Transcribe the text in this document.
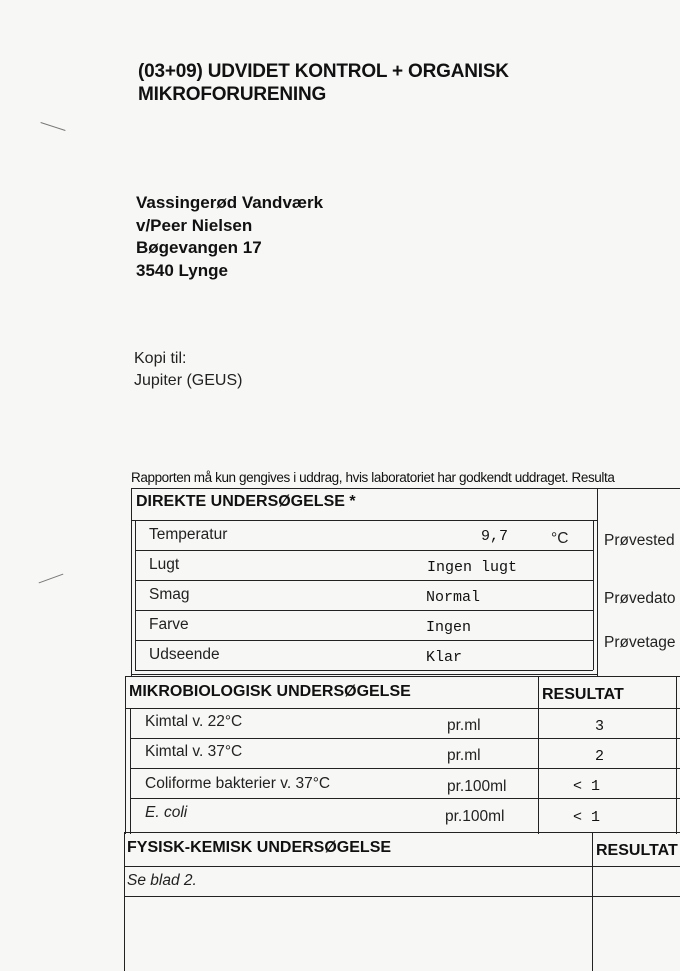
(03+09) UDVIDET KONTROL + ORGANISK
MIKROFORURENING
Vassingerød Vandværk
v/Peer Nielsen
Bøgevangen 17
3540 Lynge
Kopi til:
Jupiter (GEUS)
Rapporten må kun gengives i uddrag, hvis laboratoriet har godkendt uddraget. Resulta
DIREKTE UNDERSØGELSE *
Temperatur	9,7	°C
Lugt	Ingen lugt
Smag	Normal
Farve	Ingen
Udseende	Klar
Prøvested
Prøvedato
Prøvetage
MIKROBIOLOGISK UNDERSØGELSE	RESULTAT
Kimtal v. 22°C	pr.ml	3
Kimtal v. 37°C	pr.ml	2
Coliforme bakterier v. 37°C	pr.100ml	< 1
E. coli	pr.100ml	< 1
FYSISK-KEMISK UNDERSØGELSE	RESULTAT
Se blad 2.
